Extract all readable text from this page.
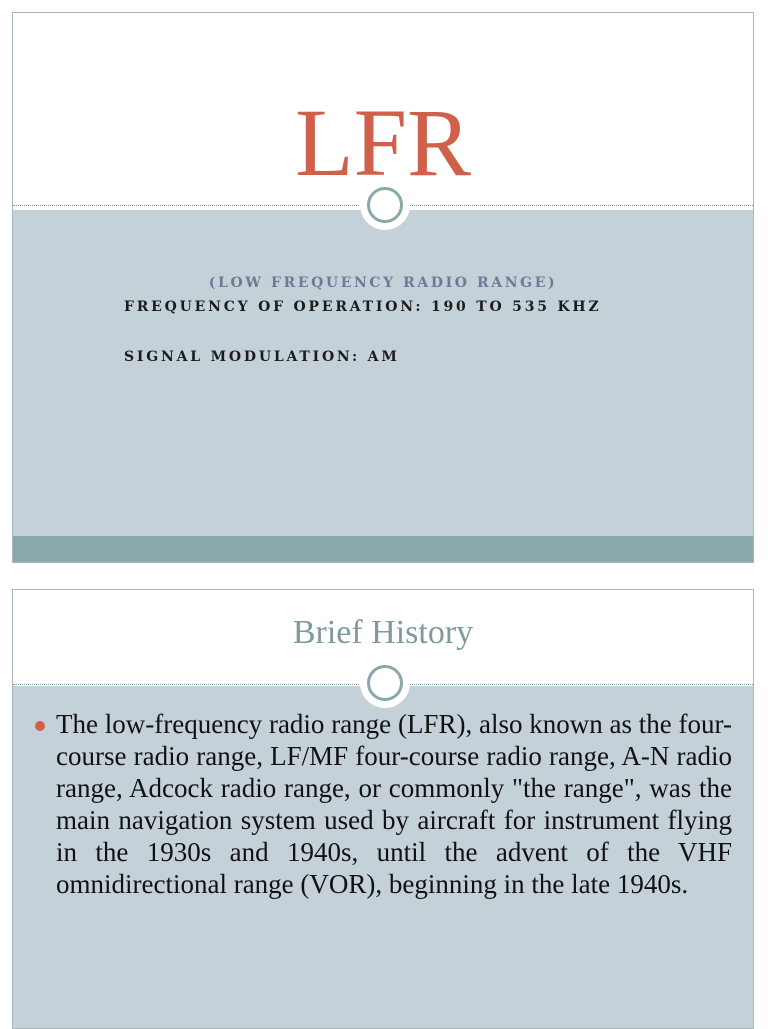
LFR
(LOW FREQUENCY RADIO RANGE)
FREQUENCY OF OPERATION: 190 TO 535 KHZ
SIGNAL MODULATION: AM
Brief History

The low-frequency radio range (LFR), also known as the four-course radio range, LF/MF four-course radio range, A-N radio range, Adcock radio range, or commonly "the range", was the main navigation system used by aircraft for instrument flying in the 1930s and 1940s, until the advent of the VHF omnidirectional range (VOR), beginning in the late 1940s.
